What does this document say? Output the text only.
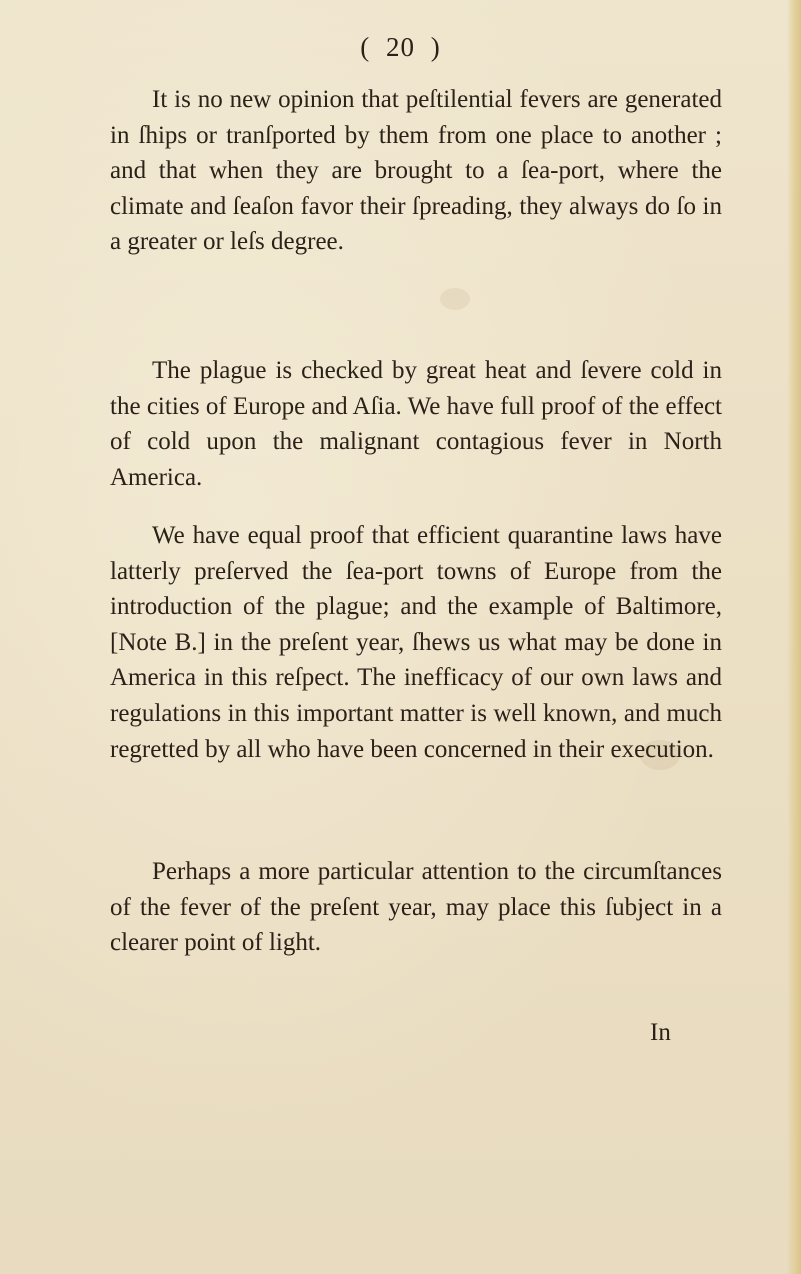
( 20 )

It is no new opinion that peſtilential fevers are generated in ſhips or tranſported by them from one place to another ; and that when they are brought to a ſea-port, where the climate and ſeaſon favor their ſpreading, they always do ſo in a greater or leſs degree.

The plague is checked by great heat and ſevere cold in the cities of Europe and Aſia. We have full proof of the effect of cold upon the malignant contagious fever in North America.

We have equal proof that efficient quarantine laws have latterly preſerved the ſea-port towns of Europe from the introduction of the plague; and the example of Baltimore, [Note B.] in the preſent year, ſhews us what may be done in America in this reſpect. The inefficacy of our own laws and regulations in this important matter is well known, and much regretted by all who have been concerned in their execution.

Perhaps a more particular attention to the circumſtances of the fever of the preſent year, may place this ſubject in a clearer point of light.

In
